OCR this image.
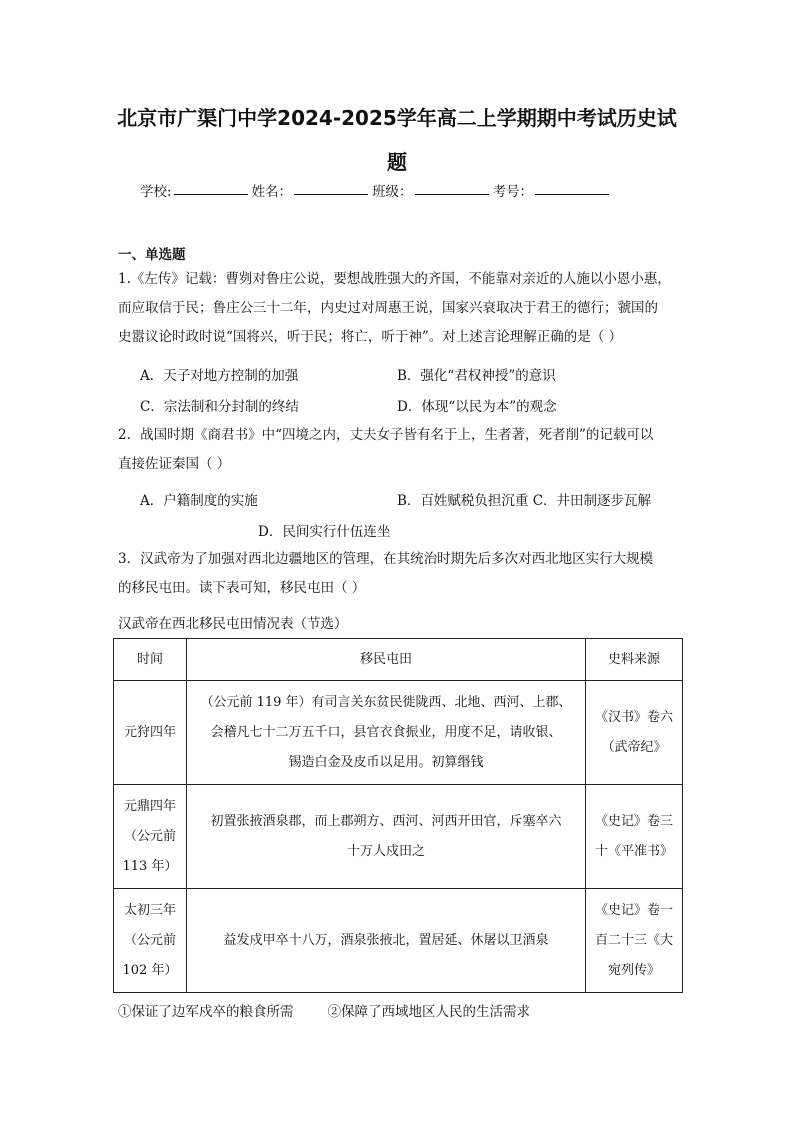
北京市广渠门中学2024-2025学年高二上学期期中考试历史试
题
学校:	姓名：	班级：	考号：
一、单选题
1.《左传》记载：曹刿对鲁庄公说，要想战胜强大的齐国，不能靠对亲近的人施以小恩小惠，
而应取信于民；鲁庄公三十二年，内史过对周惠王说，国家兴衰取决于君王的德行；虢国的
史嚣议论时政时说“国将兴，听于民；将亡，听于神”。对上述言论理解正确的是（ ）
A．天子对地方控制的加强	B．强化“君权神授”的意识
C．宗法制和分封制的终结	D．体现“以民为本”的观念
2．战国时期《商君书》中“四境之内，丈夫女子皆有名于上，生者著，死者削”的记载可以
直接佐证秦国（ ）
A．户籍制度的实施	B．百姓赋税负担沉重 C．井田制逐步瓦解
D．民间实行什伍连坐
3．汉武帝为了加强对西北边疆地区的管理，在其统治时期先后多次对西北地区实行大规模
的移民屯田。读下表可知，移民屯田（ ）
汉武帝在西北移民屯田情况表（节选）
时间	移民屯田	史料来源

元狩四年	（公元前 119 年）有司言关东贫民徙陇西、北地、西河、上郡、
会稽凡七十二万五千口，县官衣食振业，用度不足，请收银、
锡造白金及皮币以足用。初算缗钱	《汉书》卷六
（武帝纪》

元鼎四年
（公元前
113 年）	初置张掖酒泉郡，而上郡朔方、西河、河西开田官，斥塞卒六
十万人戍田之	《史记》卷三
十《平准书》

太初三年
（公元前
102 年）	益发戍甲卒十八万，酒泉张掖北，置居延、休屠以卫酒泉	《史记》卷一
百二十三《大
宛列传》
①保证了边军戍卒的粮食所需	②保障了西域地区人民的生活需求
